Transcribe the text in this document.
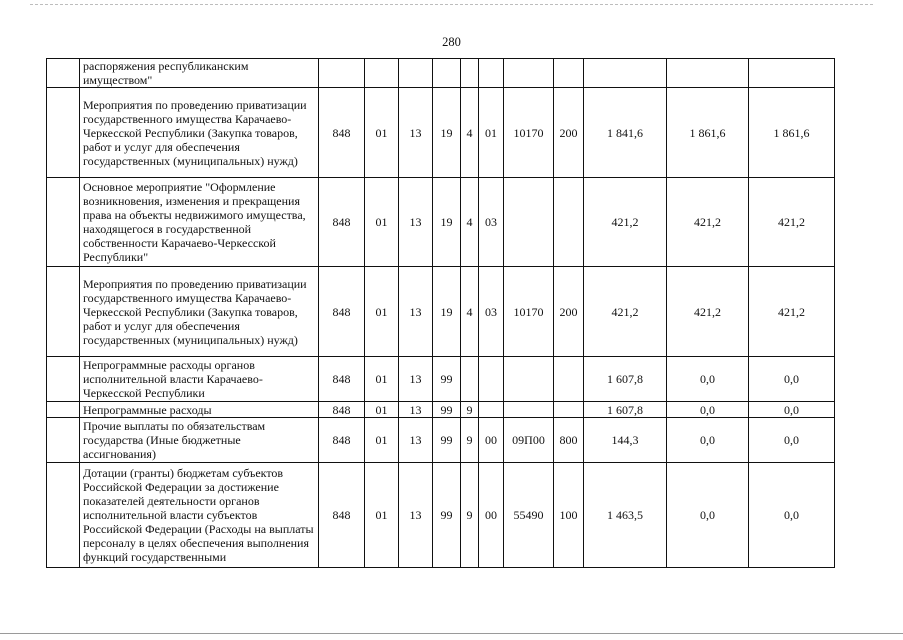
280
	распоряжения республиканским имуществом"											
	Мероприятия по проведению приватизации государственного имущества Карачаево-Черкесской Республики (Закупка товаров, работ и услуг для обеспечения государственных (муниципальных) нужд)	848	01	13	19	4	01	10170	200	1 841,6	1 861,6	1 861,6
	Основное мероприятие "Оформление возникновения, изменения и прекращения права на объекты недвижимого имущества, находящегося в государственной собственности Карачаево-Черкесской Республики"	848	01	13	19	4	03			421,2	421,2	421,2
	Мероприятия по проведению приватизации государственного имущества Карачаево-Черкесской Республики (Закупка товаров, работ и услуг для обеспечения государственных (муниципальных) нужд)	848	01	13	19	4	03	10170	200	421,2	421,2	421,2
	Непрограммные расходы органов исполнительной власти Карачаево-Черкесской Республики	848	01	13	99					1 607,8	0,0	0,0
	Непрограммные расходы	848	01	13	99	9				1 607,8	0,0	0,0
	Прочие выплаты по обязательствам государства (Иные бюджетные ассигнования)	848	01	13	99	9	00	09П00	800	144,3	0,0	0,0
	Дотации (гранты) бюджетам субъектов Российской Федерации за достижение показателей деятельности органов исполнительной власти субъектов Российской Федерации (Расходы на выплаты персоналу в целях обеспечения выполнения функций государственными	848	01	13	99	9	00	55490	100	1 463,5	0,0	0,0
